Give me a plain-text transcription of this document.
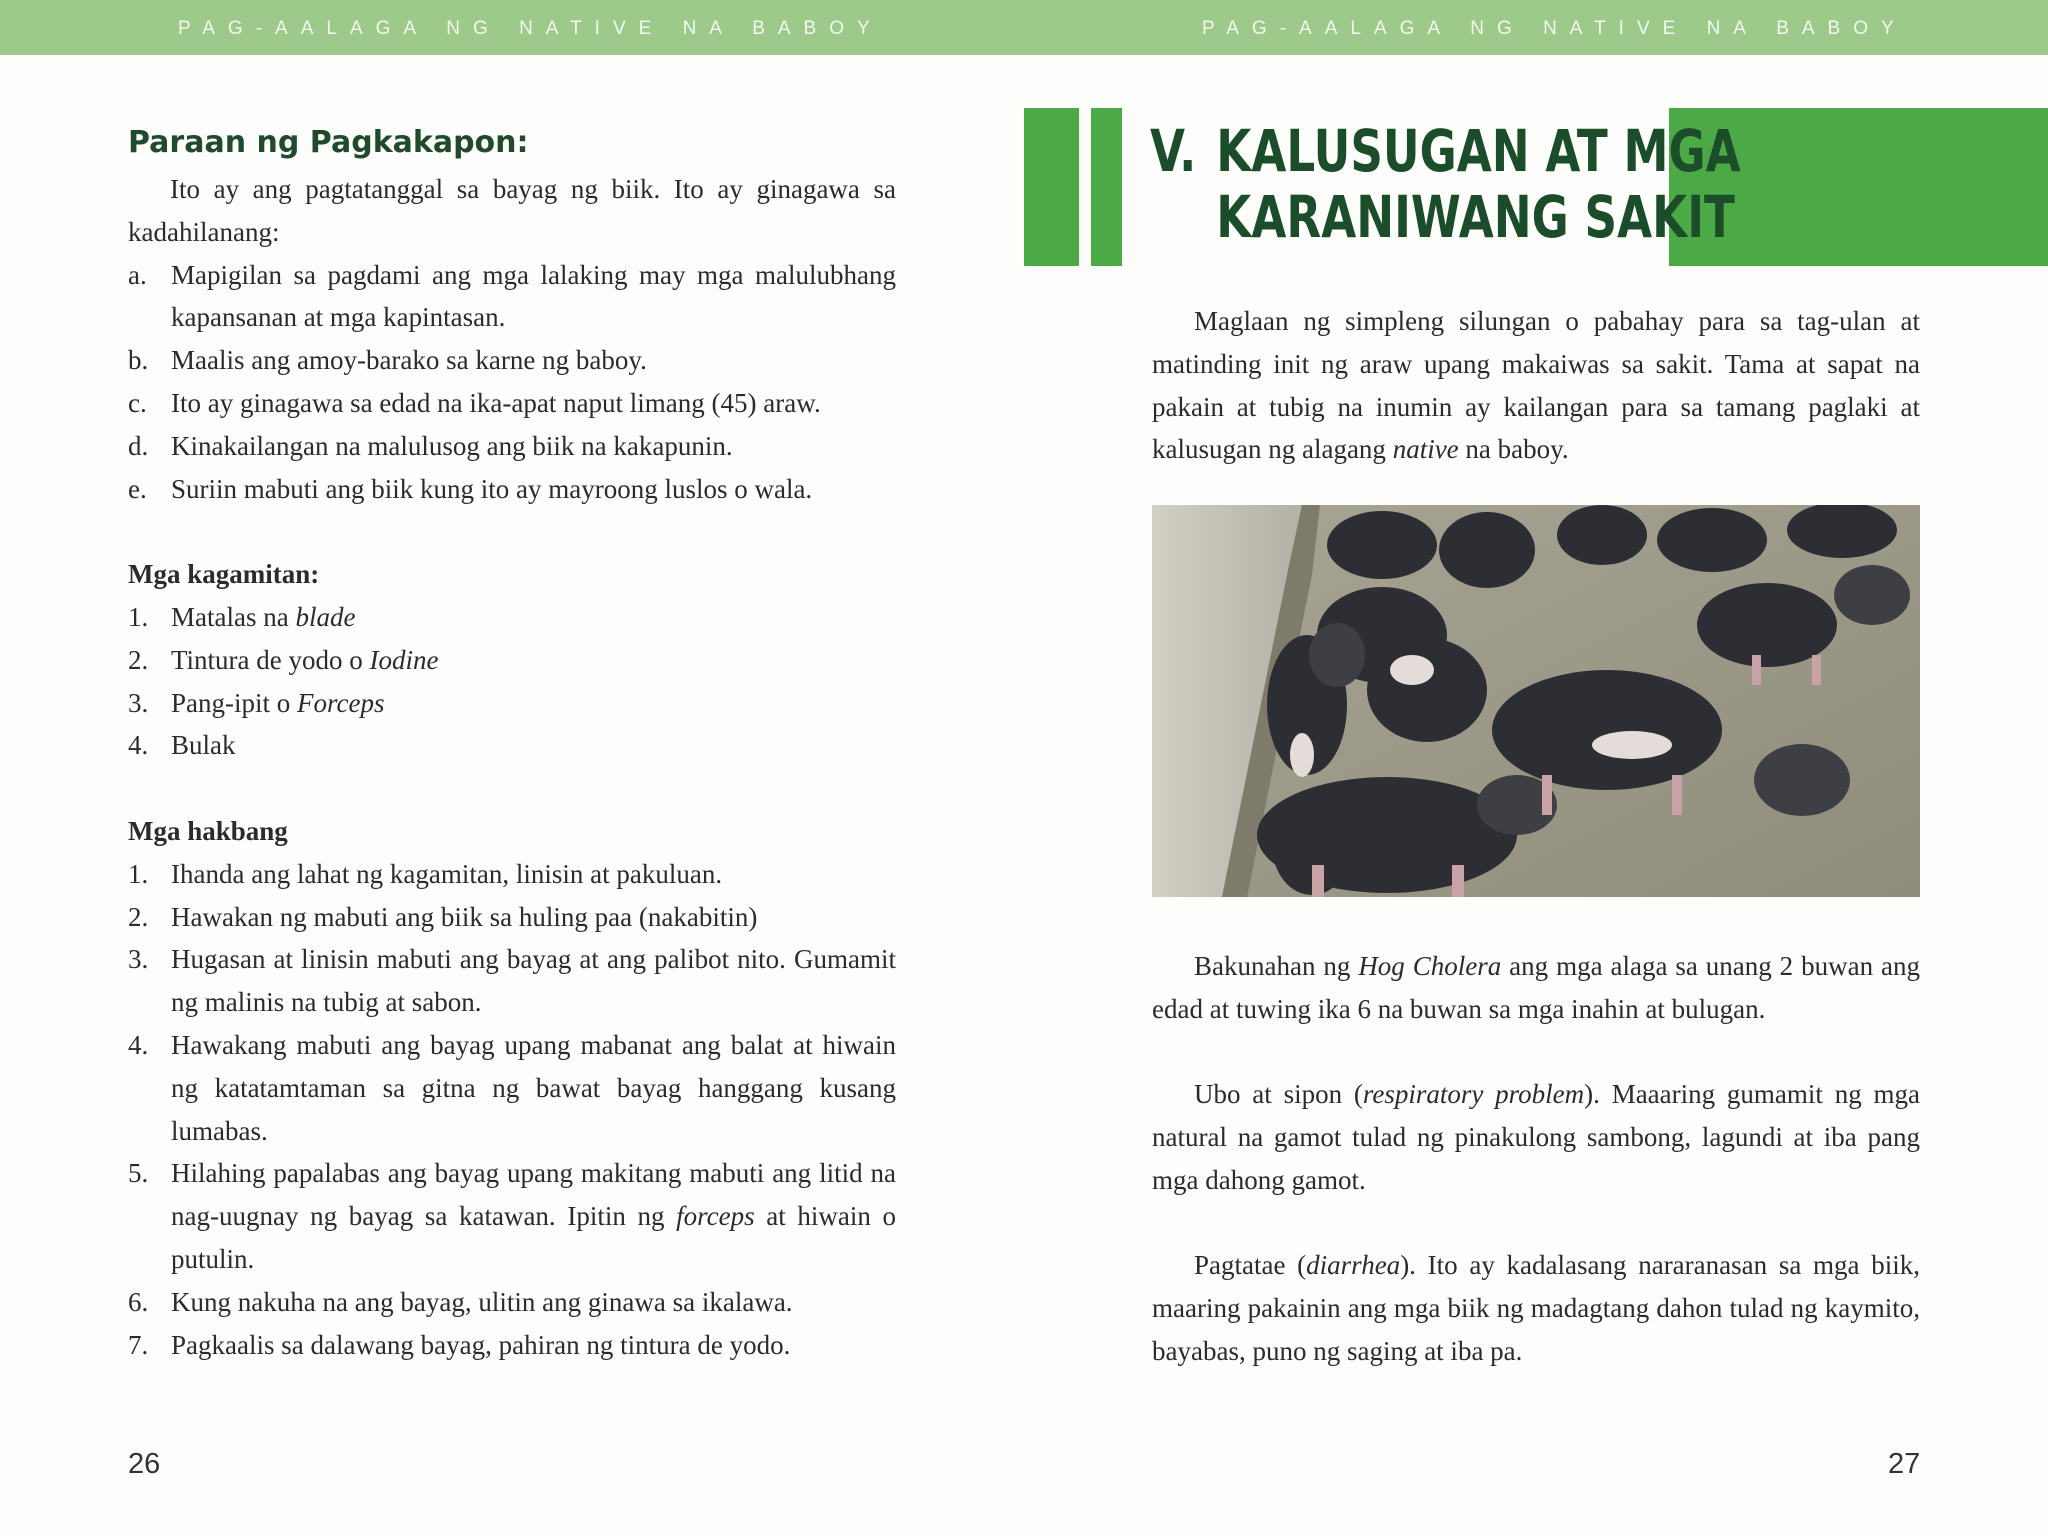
PAG-AALAGA NG NATIVE NA BABOY	PAG-AALAGA NG NATIVE NA BABOY
Paraan ng Pagkakapon:

Ito ay ang pagtatanggal sa bayag ng biik. Ito ay ginagawa sa kadahilanang:

a. Mapigilan sa pagdami ang mga lalaking may mga malulubhang kapansanan at mga kapintasan.
b. Maalis ang amoy-barako sa karne ng baboy.
c. Ito ay ginagawa sa edad na ika-apat naput limang (45) araw.
d. Kinakailangan na malulusog ang biik na kakapunin.
e. Suriin mabuti ang biik kung ito ay mayroong luslos o wala.
Mga kagamitan:
1. Matalas na blade
2. Tintura de yodo o Iodine
3. Pang-ipit o Forceps
4. Bulak
Mga hakbang
1. Ihanda ang lahat ng kagamitan, linisin at pakuluan.
2. Hawakan ng mabuti ang biik sa huling paa (nakabitin)
3. Hugasan at linisin mabuti ang bayag at ang palibot nito. Gumamit ng malinis na tubig at sabon.
4. Hawakang mabuti ang bayag upang mabanat ang balat at hiwain ng katatamtaman sa gitna ng bawat bayag hanggang kusang lumabas.
5. Hilahing papalabas ang bayag upang makitang mabuti ang litid na nag-uugnay ng bayag sa katawan. Ipitin ng forceps at hiwain o putulin.
6. Kung nakuha na ang bayag, ulitin ang ginawa sa ikalawa.
7. Pagkaalis sa dalawang bayag, pahiran ng tintura de yodo.
26
V. KALUSUGAN AT MGA
KARANIWANG SAKIT

Maglaan ng simpleng silungan o pabahay para sa tag-ulan at matinding init ng araw upang makaiwas sa sakit. Tama at sapat na pakain at tubig na inumin ay kailangan para sa tamang paglaki at kalusugan ng alagang native na baboy.

Bakunahan ng Hog Cholera ang mga alaga sa unang 2 buwan ang edad at tuwing ika 6 na buwan sa mga inahin at bulugan.

Ubo at sipon (respiratory problem). Maaaring gumamit ng mga natural na gamot tulad ng pinakulong sambong, lagundi at iba pang mga dahong gamot.

Pagtatae (diarrhea). Ito ay kadalasang nararanasan sa mga biik, maaring pakainin ang mga biik ng madagtang dahon tulad ng kaymito, bayabas, puno ng saging at iba pa.

27
